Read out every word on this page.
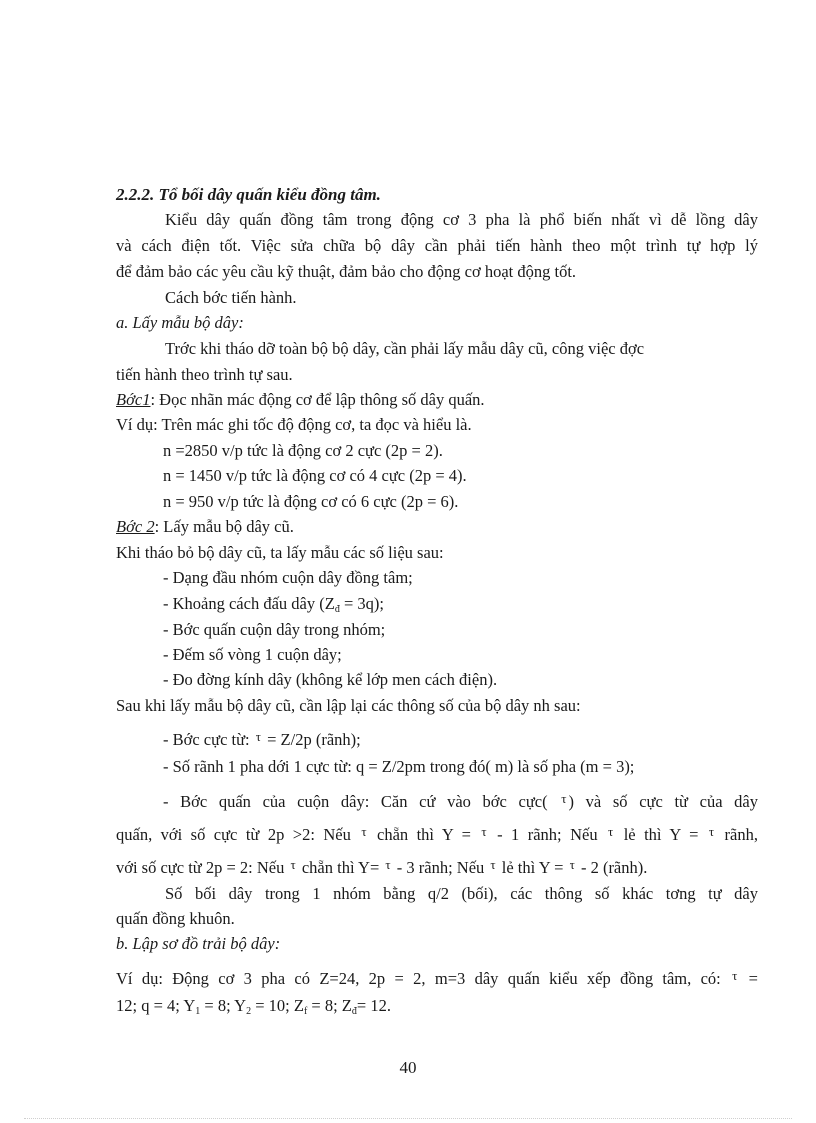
2.2.2. Tổ bối dây quấn kiểu đồng tâm.
Kiểu dây quấn đồng tâm trong động cơ 3 pha là phổ biến nhất vì dễ lồng dây
và cách điện tốt. Việc sửa chữa bộ dây cần phải tiến hành theo một trình tự hợp lý
để đảm bảo các yêu cầu kỹ thuật, đảm bảo cho động cơ hoạt động tốt.
Cách bớc tiến hành.
a. Lấy mẫu bộ dây:
Trớc khi tháo dỡ toàn bộ bộ dây, cần phải lấy mẫu dây cũ, công việc đợc
tiến hành theo trình tự sau.
Bớc1: Đọc nhãn mác động cơ để lập thông số dây quấn.
Ví dụ: Trên mác ghi tốc độ động cơ, ta đọc và hiểu là.
n =2850 v/p tức là động cơ 2 cực (2p = 2).
n = 1450 v/p tức là động cơ có 4 cực (2p = 4).
n = 950 v/p tức là động cơ có 6 cực (2p = 6).
Bớc 2: Lấy mẫu bộ dây cũ.
Khi tháo bỏ bộ dây cũ, ta lấy mẫu các số liệu sau:
- Dạng đầu nhóm cuộn dây đồng tâm;
- Khoảng cách đấu dây $(Z_đ = 3q)$;
- Bớc quấn cuộn dây trong nhóm;
- Đếm số vòng 1 cuộn dây;
- Đo đờng kính dây (không kể lớp men cách điện).
Sau khi lấy mẫu bộ dây cũ, cần lập lại các thông số của bộ dây nh sau:
- Bớc cực từ: $^\tau$ = Z/2p (rãnh);
- Số rãnh 1 pha dới 1 cực từ: q = Z/2pm trong đó( m) là số pha (m = 3);
- Bớc quấn của cuộn dây: Căn cứ vào bớc cực( $^\tau$ ) và số cực từ của dây
quấn, với số cực từ 2p >2: Nếu $^\tau$ chẵn thì Y = $^\tau$ - 1 rãnh; Nếu $^\tau$ lẻ thì Y = $^\tau$ rãnh,
với số cực từ 2p = 2: Nếu $^\tau$ chẵn thì Y= $^\tau$ - 3 rãnh; Nếu $^\tau$ lẻ thì Y = $^\tau$ - 2 (rãnh).
Số bối dây trong 1 nhóm bằng q/2 (bối), các thông số khác tơng tự dây
quấn đồng khuôn.
b. Lập sơ đồ trải bộ dây:
Ví dụ: Động cơ 3 pha có Z=24, 2p = 2, m=3 dây quấn kiểu xếp đồng tâm, có: $^\tau$ =
12; q = 4; $Y_1 = 8$; $Y_2 = 10$; $Z_f = 8$; $Z_đ= 12$.
40
